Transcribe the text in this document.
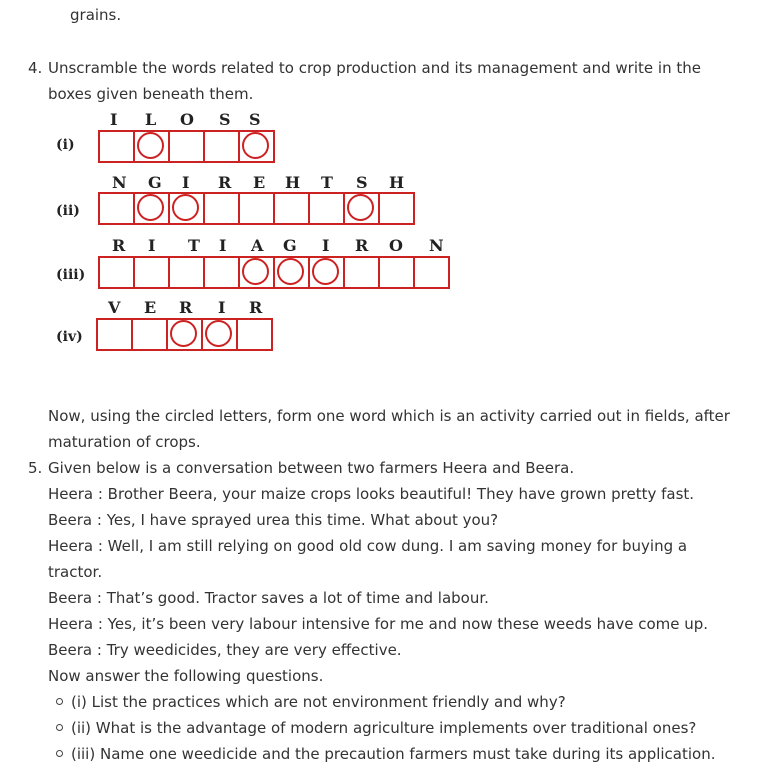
grains.
4. Unscramble the words related to crop production and its management and write in the
boxes given beneath them.
I L O S S
(i)
N G I R E H T S H
(ii)
R I T I A G I R O N
(iii)
V E R I R
(iv)
Now, using the circled letters, form one word which is an activity carried out in fields, after
maturation of crops.
5. Given below is a conversation between two farmers Heera and Beera.
Heera : Brother Beera, your maize crops looks beautiful! They have grown pretty fast.
Beera : Yes, I have sprayed urea this time. What about you?
Heera : Well, I am still relying on good old cow dung. I am saving money for buying a
tractor.
Beera : That’s good. Tractor saves a lot of time and labour.
Heera : Yes, it’s been very labour intensive for me and now these weeds have come up.
Beera : Try weedicides, they are very effective.
Now answer the following questions.
(i) List the practices which are not environment friendly and why?
(ii) What is the advantage of modern agriculture implements over traditional ones?
(iii) Name one weedicide and the precaution farmers must take during its application.
